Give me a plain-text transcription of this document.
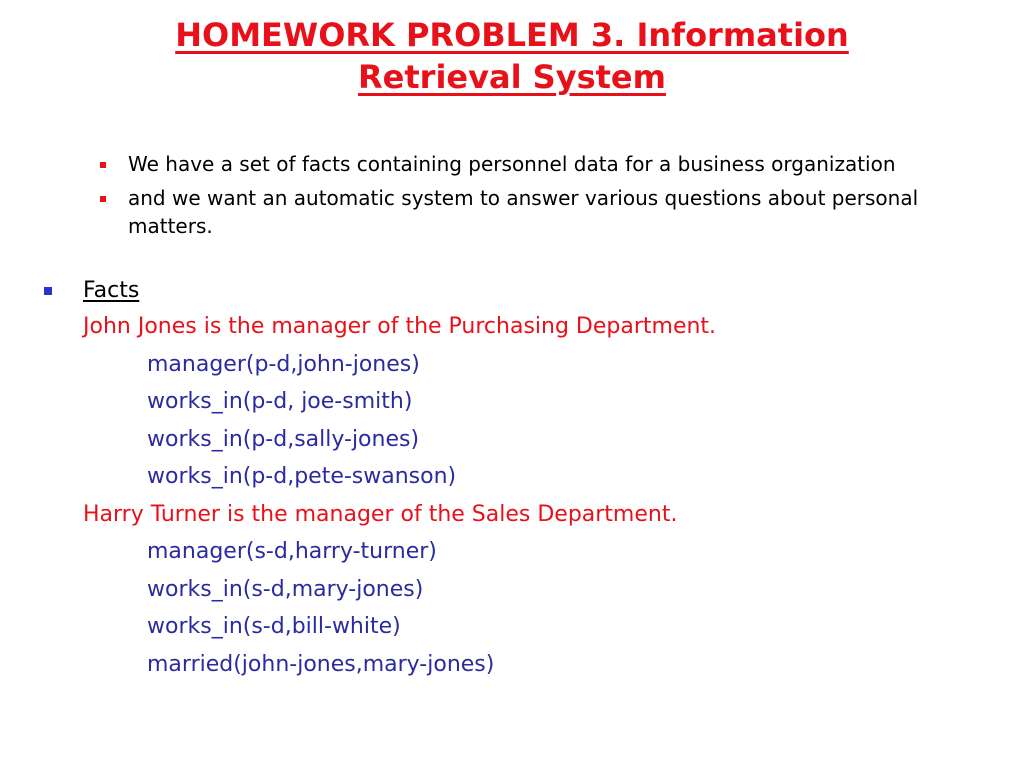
HOMEWORK PROBLEM 3. Information
Retrieval System
We have a set of facts containing personnel data for a business organization
and we want an automatic system to answer various questions about personal matters.
Facts
John Jones is the manager of the Purchasing Department.
manager(p-d,john-jones)
works_in(p-d, joe-smith)
works_in(p-d,sally-jones)
works_in(p-d,pete-swanson)
Harry Turner is the manager of the Sales Department.
manager(s-d,harry-turner)
works_in(s-d,mary-jones)
works_in(s-d,bill-white)
married(john-jones,mary-jones)
